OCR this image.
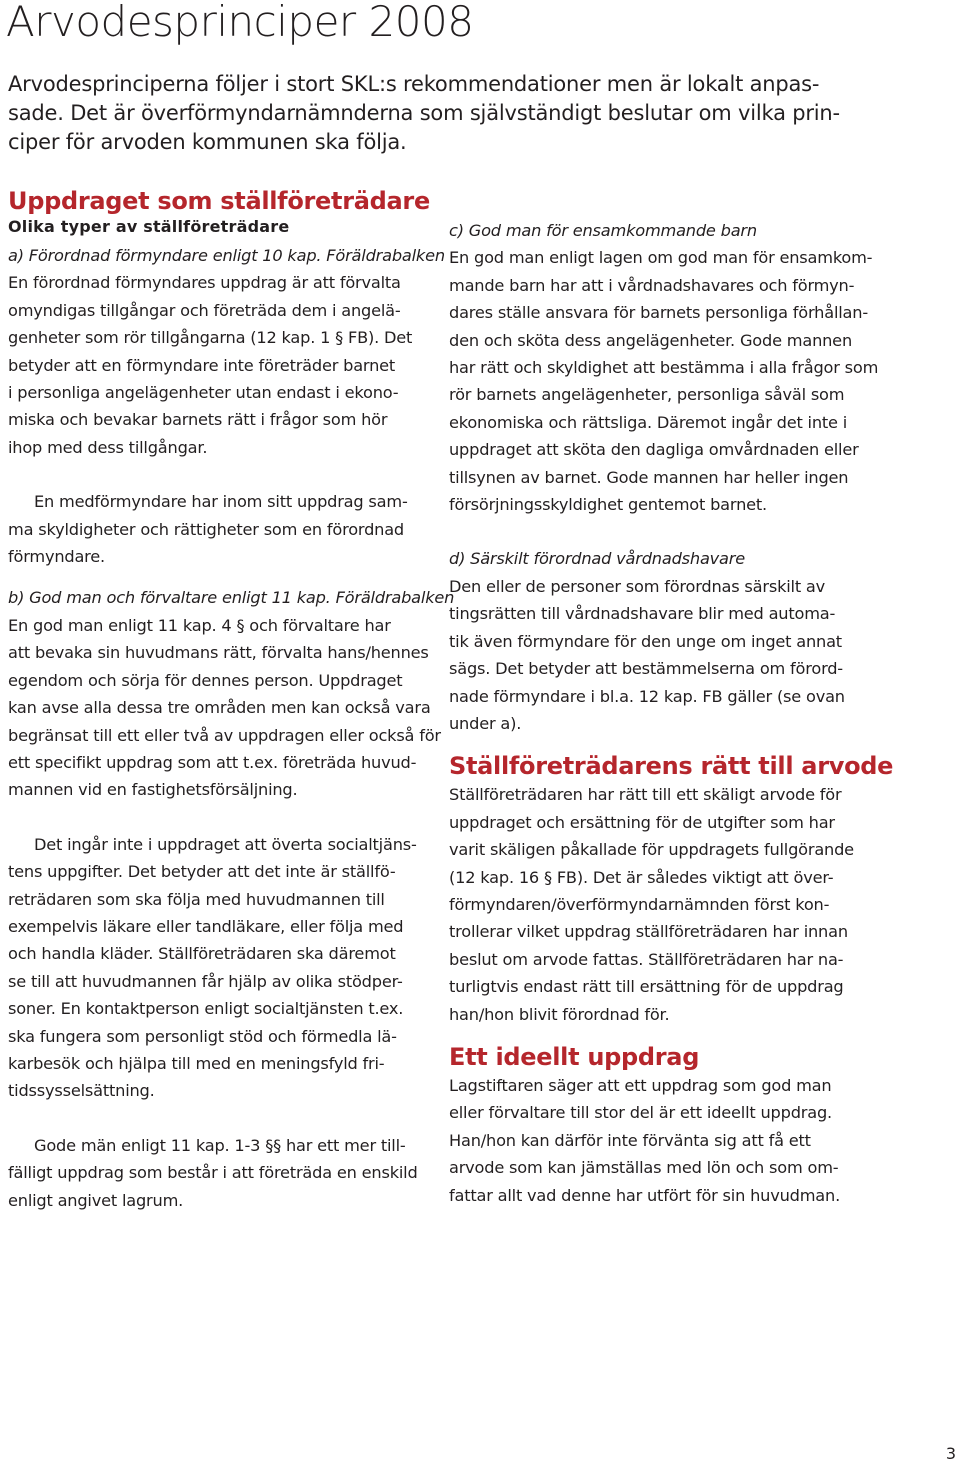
Arvodesprinciper 2008
Arvodesprinciperna följer i stort SKL:s rekommendationer men är lokalt anpas-
sade. Det är överförmyndarnämnderna som självständigt beslutar om vilka prin-
ciper för arvoden kommunen ska följa.
Uppdraget som ställföreträdare
Olika typer av ställföreträdare
a) Förordnad förmyndare enligt 10 kap. Föräldrabalken
En förordnad förmyndares uppdrag är att förvalta
omyndigas tillgångar och företräda dem i angelä-
genheter som rör tillgångarna (12 kap. 1 § FB). Det
betyder att en förmyndare inte företräder barnet
i personliga angelägenheter utan endast i ekono-
miska och bevakar barnets rätt i frågor som hör
ihop med dess tillgångar.
En medförmyndare har inom sitt uppdrag sam-
ma skyldigheter och rättigheter som en förordnad
förmyndare.
b) God man och förvaltare enligt 11 kap. Föräldrabalken
En god man enligt 11 kap. 4 § och förvaltare har
att bevaka sin huvudmans rätt, förvalta hans/hennes
egendom och sörja för dennes person. Uppdraget
kan avse alla dessa tre områden men kan också vara
begränsat till ett eller två av uppdragen eller också för
ett specifikt uppdrag som att t.ex. företräda huvud-
mannen vid en fastighetsförsäljning.
Det ingår inte i uppdraget att överta socialtjäns-
tens uppgifter. Det betyder att det inte är ställfö-
reträdaren som ska följa med huvudmannen till
exempelvis läkare eller tandläkare, eller följa med
och handla kläder. Ställföreträdaren ska däremot
se till att huvudmannen får hjälp av olika stödper-
soner. En kontaktperson enligt socialtjänsten t.ex.
ska fungera som personligt stöd och förmedla lä-
karbesök och hjälpa till med en meningsfyld fri-
tidssysselsättning.
Gode män enligt 11 kap. 1-3 §§ har ett mer till-
fälligt uppdrag som består i att företräda en enskild
enligt angivet lagrum.
c) God man för ensamkommande barn
En god man enligt lagen om god man för ensamkom-
mande barn har att i vårdnadshavares och förmyn-
dares ställe ansvara för barnets personliga förhållan-
den och sköta dess angelägenheter. Gode mannen
har rätt och skyldighet att bestämma i alla frågor som
rör barnets angelägenheter, personliga såväl som
ekonomiska och rättsliga. Däremot ingår det inte i
uppdraget att sköta den dagliga omvårdnaden eller
tillsynen av barnet. Gode mannen har heller ingen
försörjningsskyldighet gentemot barnet.
d) Särskilt förordnad vårdnadshavare
Den eller de personer som förordnas särskilt av
tingsrätten till vårdnadshavare blir med automa-
tik även förmyndare för den unge om inget annat
sägs. Det betyder att bestämmelserna om förord-
nade förmyndare i bl.a. 12 kap. FB gäller (se ovan
under a).
Ställföreträdarens rätt till arvode
Ställföreträdaren har rätt till ett skäligt arvode för
uppdraget och ersättning för de utgifter som har
varit skäligen påkallade för uppdragets fullgörande
(12 kap. 16 § FB). Det är således viktigt att över-
förmyndaren/överförmyndarnämnden först kon-
trollerar vilket uppdrag ställföreträdaren har innan
beslut om arvode fattas. Ställföreträdaren har na-
turligtvis endast rätt till ersättning för de uppdrag
han/hon blivit förordnad för.
Ett ideellt uppdrag
Lagstiftaren säger att ett uppdrag som god man
eller förvaltare till stor del är ett ideellt uppdrag.
Han/hon kan därför inte förvänta sig att få ett
arvode som kan jämställas med lön och som om-
fattar allt vad denne har utfört för sin huvudman.
3
